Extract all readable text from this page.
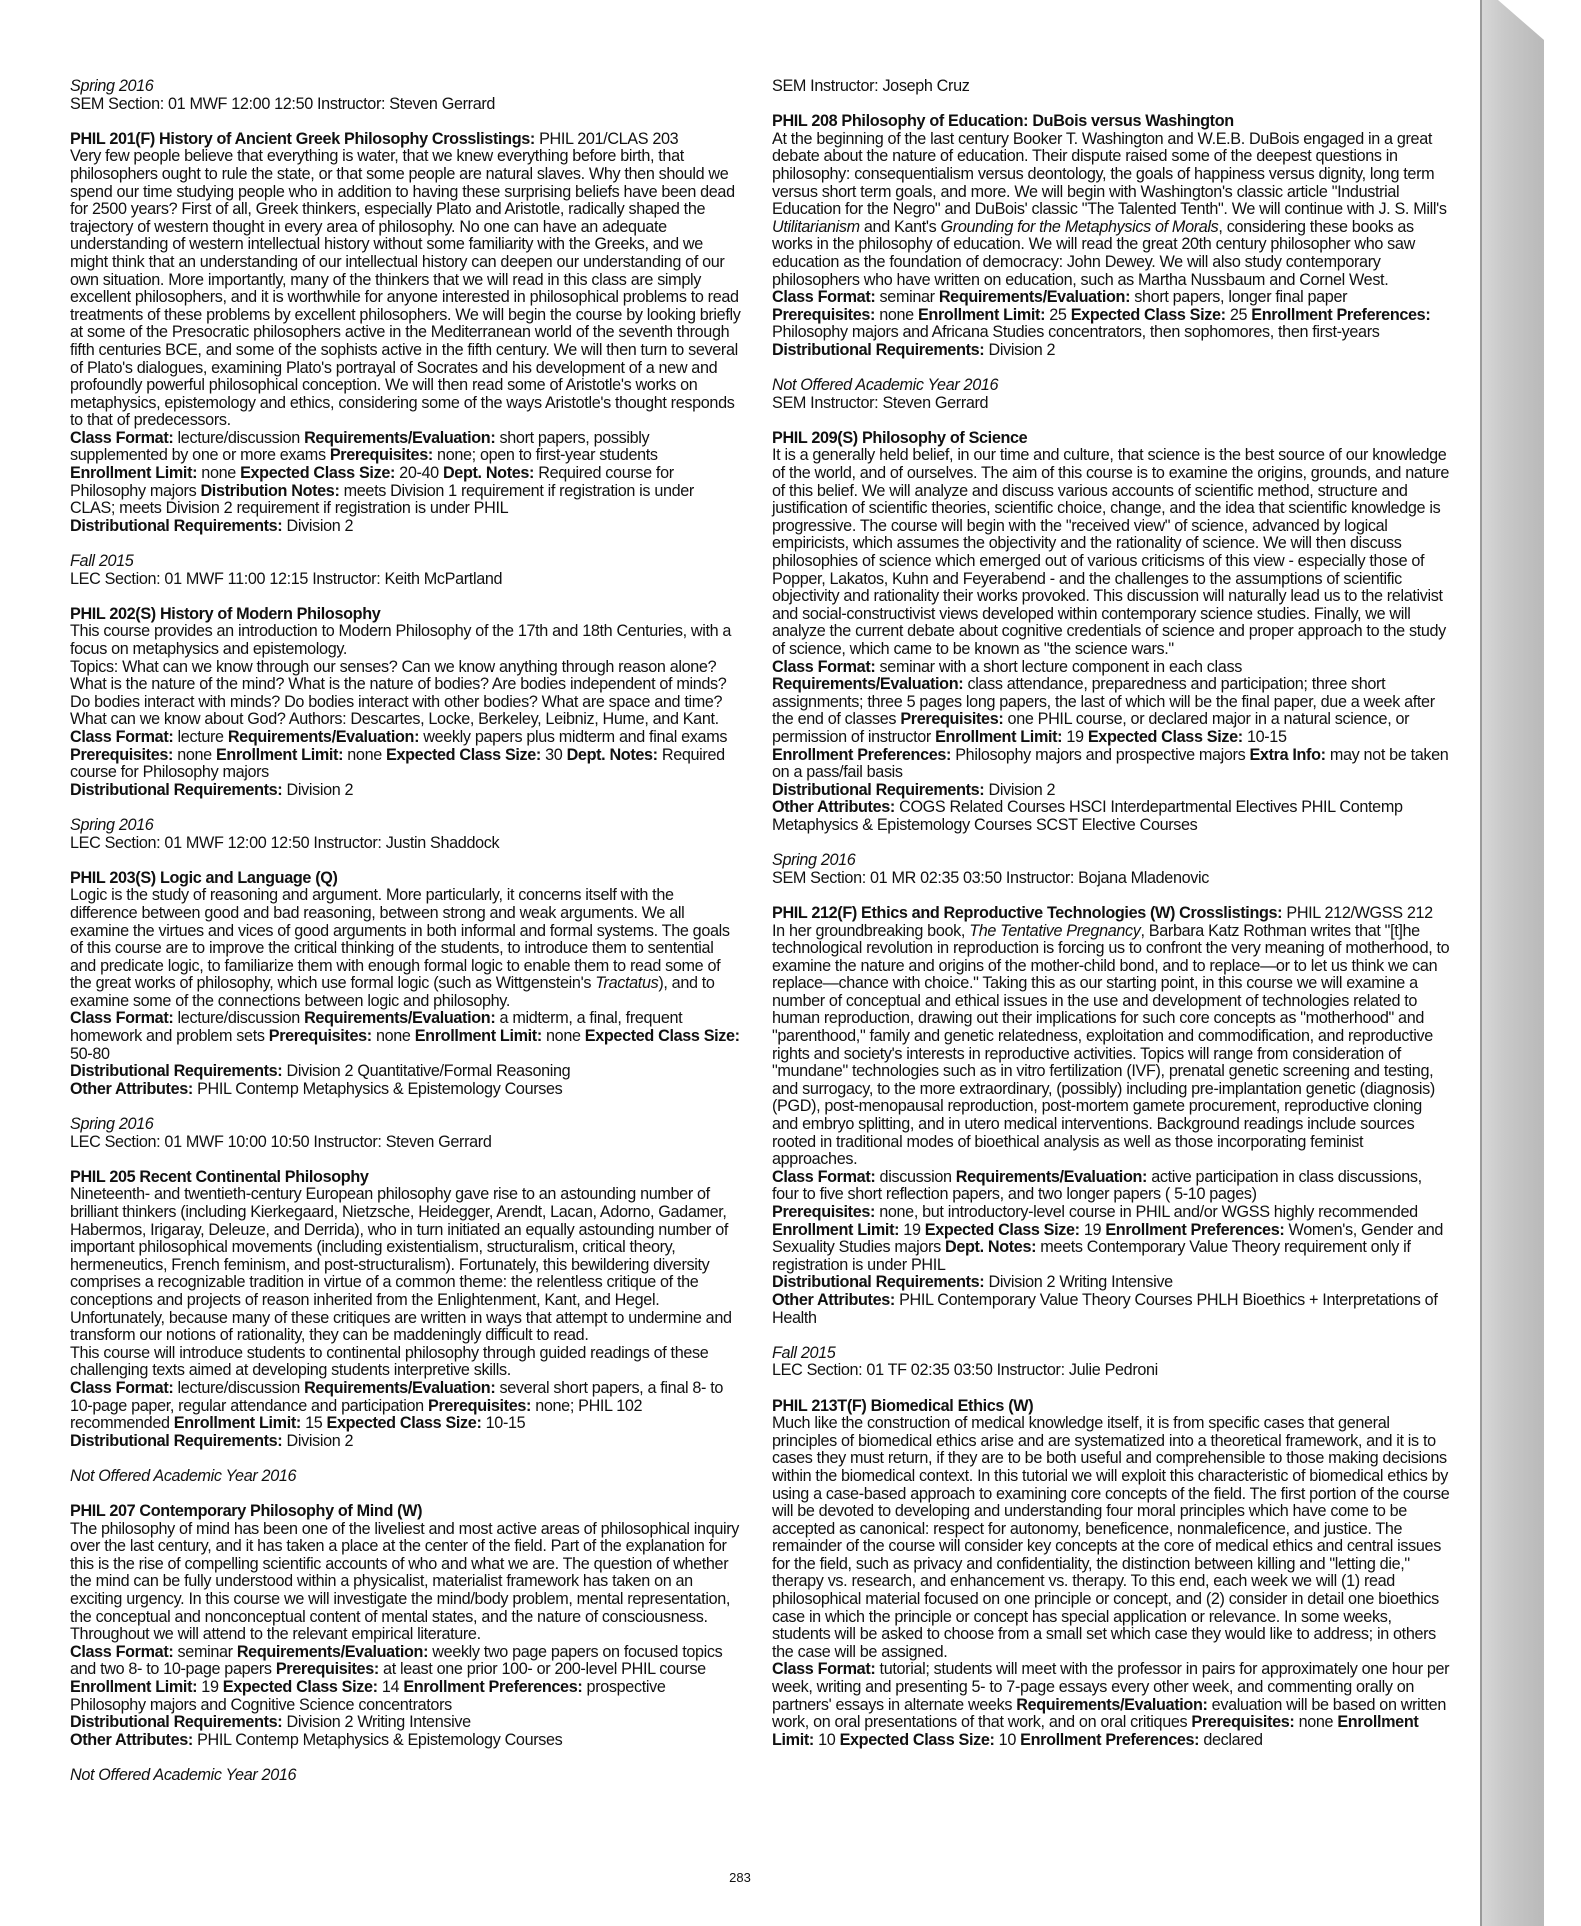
Spring 2016
SEM Section: 01 MWF 12:00 12:50 Instructor: Steven Gerrard
PHIL 201(F) History of Ancient Greek Philosophy Crosslistings: PHIL 201/CLAS 203
Very few people believe that everything is water, that we knew everything before birth, that philosophers ought to rule the state, or that some people are natural slaves. Why then should we spend our time studying people who in addition to having these surprising beliefs have been dead for 2500 years? First of all, Greek thinkers, especially Plato and Aristotle, radically shaped the trajectory of western thought in every area of philosophy. No one can have an adequate understanding of western intellectual history without some familiarity with the Greeks, and we might think that an understanding of our intellectual history can deepen our understanding of our own situation. More importantly, many of the thinkers that we will read in this class are simply excellent philosophers, and it is worthwhile for anyone interested in philosophical problems to read treatments of these problems by excellent philosophers. We will begin the course by looking briefly at some of the Presocratic philosophers active in the Mediterranean world of the seventh through fifth centuries BCE, and some of the sophists active in the fifth century. We will then turn to several of Plato's dialogues, examining Plato's portrayal of Socrates and his development of a new and profoundly powerful philosophical conception. We will then read some of Aristotle's works on metaphysics, epistemology and ethics, considering some of the ways Aristotle's thought responds to that of predecessors.
Class Format: lecture/discussion Requirements/Evaluation: short papers, possibly supplemented by one or more exams Prerequisites: none; open to first-year students Enrollment Limit: none Expected Class Size: 20-40 Dept. Notes: Required course for Philosophy majors Distribution Notes: meets Division 1 requirement if registration is under CLAS; meets Division 2 requirement if registration is under PHIL
Distributional Requirements: Division 2
Fall 2015
LEC Section: 01 MWF 11:00 12:15 Instructor: Keith McPartland
PHIL 202(S) History of Modern Philosophy
This course provides an introduction to Modern Philosophy of the 17th and 18th Centuries, with a focus on metaphysics and epistemology.
Topics: What can we know through our senses? Can we know anything through reason alone? What is the nature of the mind? What is the nature of bodies? Are bodies independent of minds? Do bodies interact with minds? Do bodies interact with other bodies? What are space and time? What can we know about God? Authors: Descartes, Locke, Berkeley, Leibniz, Hume, and Kant.
Class Format: lecture Requirements/Evaluation: weekly papers plus midterm and final exams Prerequisites: none Enrollment Limit: none Expected Class Size: 30 Dept. Notes: Required course for Philosophy majors
Distributional Requirements: Division 2
Spring 2016
LEC Section: 01 MWF 12:00 12:50 Instructor: Justin Shaddock
PHIL 203(S) Logic and Language (Q)
Logic is the study of reasoning and argument. More particularly, it concerns itself with the difference between good and bad reasoning, between strong and weak arguments. We all examine the virtues and vices of good arguments in both informal and formal systems. The goals of this course are to improve the critical thinking of the students, to introduce them to sentential and predicate logic, to familiarize them with enough formal logic to enable them to read some of the great works of philosophy, which use formal logic (such as Wittgenstein's Tractatus), and to examine some of the connections between logic and philosophy.
Class Format: lecture/discussion Requirements/Evaluation: a midterm, a final, frequent homework and problem sets Prerequisites: none Enrollment Limit: none Expected Class Size: 50-80
Distributional Requirements: Division 2 Quantitative/Formal Reasoning
Other Attributes: PHIL Contemp Metaphysics & Epistemology Courses
Spring 2016
LEC Section: 01 MWF 10:00 10:50 Instructor: Steven Gerrard
PHIL 205 Recent Continental Philosophy
Nineteenth- and twentieth-century European philosophy gave rise to an astounding number of brilliant thinkers (including Kierkegaard, Nietzsche, Heidegger, Arendt, Lacan, Adorno, Gadamer, Habermos, Irigaray, Deleuze, and Derrida), who in turn initiated an equally astounding number of important philosophical movements (including existentialism, structuralism, critical theory, hermeneutics, French feminism, and post-structuralism). Fortunately, this bewildering diversity comprises a recognizable tradition in virtue of a common theme: the relentless critique of the conceptions and projects of reason inherited from the Enlightenment, Kant, and Hegel. Unfortunately, because many of these critiques are written in ways that attempt to undermine and transform our notions of rationality, they can be maddeningly difficult to read.
This course will introduce students to continental philosophy through guided readings of these challenging texts aimed at developing students interpretive skills.
Class Format: lecture/discussion Requirements/Evaluation: several short papers, a final 8- to 10-page paper, regular attendance and participation Prerequisites: none; PHIL 102 recommended Enrollment Limit: 15 Expected Class Size: 10-15
Distributional Requirements: Division 2
Not Offered Academic Year 2016
PHIL 207 Contemporary Philosophy of Mind (W)
The philosophy of mind has been one of the liveliest and most active areas of philosophical inquiry over the last century, and it has taken a place at the center of the field. Part of the explanation for this is the rise of compelling scientific accounts of who and what we are. The question of whether the mind can be fully understood within a physicalist, materialist framework has taken on an exciting urgency. In this course we will investigate the mind/body problem, mental representation, the conceptual and nonconceptual content of mental states, and the nature of consciousness. Throughout we will attend to the relevant empirical literature.
Class Format: seminar Requirements/Evaluation: weekly two page papers on focused topics and two 8- to 10-page papers Prerequisites: at least one prior 100- or 200-level PHIL course Enrollment Limit: 19 Expected Class Size: 14 Enrollment Preferences: prospective Philosophy majors and Cognitive Science concentrators
Distributional Requirements: Division 2 Writing Intensive
Other Attributes: PHIL Contemp Metaphysics & Epistemology Courses
Not Offered Academic Year 2016
SEM Instructor: Joseph Cruz
PHIL 208 Philosophy of Education: DuBois versus Washington
At the beginning of the last century Booker T. Washington and W.E.B. DuBois engaged in a great debate about the nature of education. Their dispute raised some of the deepest questions in philosophy: consequentialism versus deontology, the goals of happiness versus dignity, long term versus short term goals, and more. We will begin with Washington's classic article "Industrial Education for the Negro" and DuBois' classic "The Talented Tenth". We will continue with J. S. Mill's Utilitarianism and Kant's Grounding for the Metaphysics of Morals, considering these books as works in the philosophy of education. We will read the great 20th century philosopher who saw education as the foundation of democracy: John Dewey. We will also study contemporary philosophers who have written on education, such as Martha Nussbaum and Cornel West.
Class Format: seminar Requirements/Evaluation: short papers, longer final paper Prerequisites: none Enrollment Limit: 25 Expected Class Size: 25 Enrollment Preferences: Philosophy majors and Africana Studies concentrators, then sophomores, then first-years
Distributional Requirements: Division 2
Not Offered Academic Year 2016
SEM Instructor: Steven Gerrard
PHIL 209(S) Philosophy of Science
It is a generally held belief, in our time and culture, that science is the best source of our knowledge of the world, and of ourselves. The aim of this course is to examine the origins, grounds, and nature of this belief. We will analyze and discuss various accounts of scientific method, structure and justification of scientific theories, scientific choice, change, and the idea that scientific knowledge is progressive. The course will begin with the "received view" of science, advanced by logical empiricists, which assumes the objectivity and the rationality of science. We will then discuss philosophies of science which emerged out of various criticisms of this view - especially those of Popper, Lakatos, Kuhn and Feyerabend - and the challenges to the assumptions of scientific objectivity and rationality their works provoked. This discussion will naturally lead us to the relativist and social-constructivist views developed within contemporary science studies. Finally, we will analyze the current debate about cognitive credentials of science and proper approach to the study of science, which came to be known as "the science wars."
Class Format: seminar with a short lecture component in each class
Requirements/Evaluation: class attendance, preparedness and participation; three short assignments; three 5 pages long papers, the last of which will be the final paper, due a week after the end of classes Prerequisites: one PHIL course, or declared major in a natural science, or permission of instructor Enrollment Limit: 19 Expected Class Size: 10-15
Enrollment Preferences: Philosophy majors and prospective majors Extra Info: may not be taken on a pass/fail basis
Distributional Requirements: Division 2
Other Attributes: COGS Related Courses HSCI Interdepartmental Electives PHIL Contemp Metaphysics & Epistemology Courses SCST Elective Courses
Spring 2016
SEM Section: 01 MR 02:35 03:50 Instructor: Bojana Mladenovic
PHIL 212(F) Ethics and Reproductive Technologies (W) Crosslistings: PHIL 212/WGSS 212
In her groundbreaking book, The Tentative Pregnancy, Barbara Katz Rothman writes that "[t]he technological revolution in reproduction is forcing us to confront the very meaning of motherhood, to examine the nature and origins of the mother-child bond, and to replace—or to let us think we can replace—chance with choice." Taking this as our starting point, in this course we will examine a number of conceptual and ethical issues in the use and development of technologies related to human reproduction, drawing out their implications for such core concepts as "motherhood" and "parenthood," family and genetic relatedness, exploitation and commodification, and reproductive rights and society's interests in reproductive activities. Topics will range from consideration of "mundane" technologies such as in vitro fertilization (IVF), prenatal genetic screening and testing, and surrogacy, to the more extraordinary, (possibly) including pre-implantation genetic (diagnosis) (PGD), post-menopausal reproduction, post-mortem gamete procurement, reproductive cloning and embryo splitting, and in utero medical interventions. Background readings include sources rooted in traditional modes of bioethical analysis as well as those incorporating feminist approaches.
Class Format: discussion Requirements/Evaluation: active participation in class discussions, four to five short reflection papers, and two longer papers ( 5-10 pages)
Prerequisites: none, but introductory-level course in PHIL and/or WGSS highly recommended
Enrollment Limit: 19 Expected Class Size: 19 Enrollment Preferences: Women's, Gender and Sexuality Studies majors Dept. Notes: meets Contemporary Value Theory requirement only if registration is under PHIL
Distributional Requirements: Division 2 Writing Intensive
Other Attributes: PHIL Contemporary Value Theory Courses PHLH Bioethics + Interpretations of Health
Fall 2015
LEC Section: 01 TF 02:35 03:50 Instructor: Julie Pedroni
PHIL 213T(F) Biomedical Ethics (W)
Much like the construction of medical knowledge itself, it is from specific cases that general principles of biomedical ethics arise and are systematized into a theoretical framework, and it is to cases they must return, if they are to be both useful and comprehensible to those making decisions within the biomedical context. In this tutorial we will exploit this characteristic of biomedical ethics by using a case-based approach to examining core concepts of the field. The first portion of the course will be devoted to developing and understanding four moral principles which have come to be accepted as canonical: respect for autonomy, beneficence, nonmaleficence, and justice. The remainder of the course will consider key concepts at the core of medical ethics and central issues for the field, such as privacy and confidentiality, the distinction between killing and "letting die," therapy vs. research, and enhancement vs. therapy. To this end, each week we will (1) read philosophical material focused on one principle or concept, and (2) consider in detail one bioethics case in which the principle or concept has special application or relevance. In some weeks, students will be asked to choose from a small set which case they would like to address; in others the case will be assigned.
Class Format: tutorial; students will meet with the professor in pairs for approximately one hour per week, writing and presenting 5- to 7-page essays every other week, and commenting orally on partners' essays in alternate weeks Requirements/Evaluation: evaluation will be based on written work, on oral presentations of that work, and on oral critiques Prerequisites: none Enrollment Limit: 10 Expected Class Size: 10 Enrollment Preferences: declared
283
